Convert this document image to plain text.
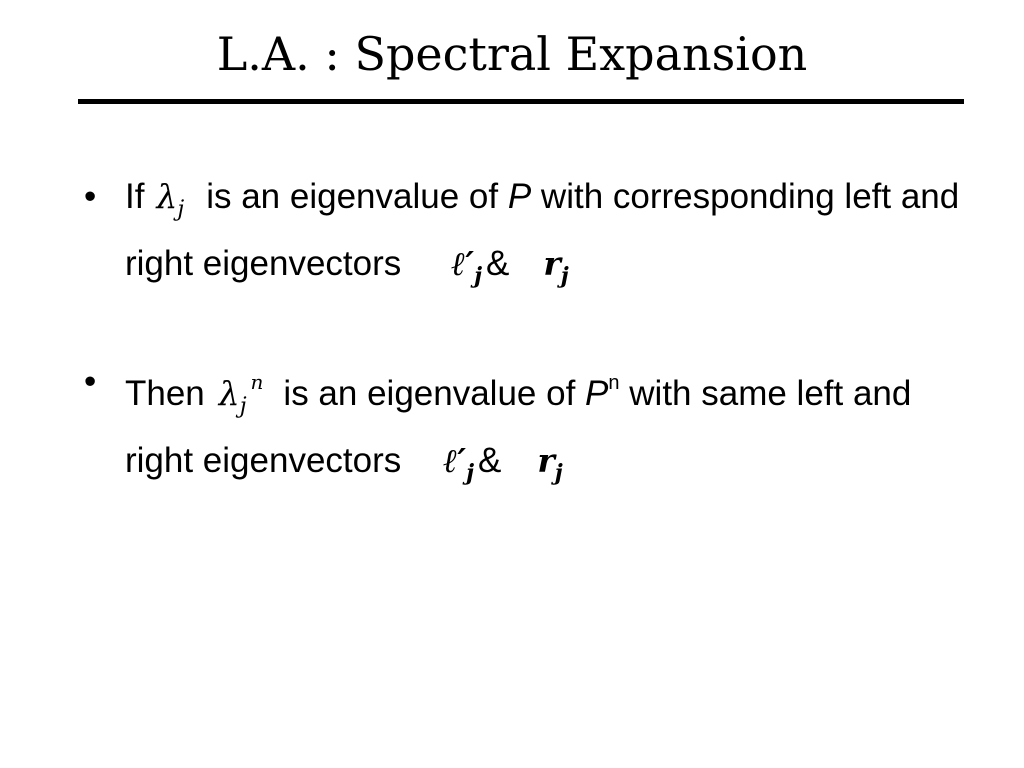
L.A. : Spectral Expansion
• If $\lambda_j$ is an eigenvalue of P with corresponding left and right eigenvectors $\ell'_j$ & $r_j$
• Then $\lambda_j^n$ is an eigenvalue of $P^n$ with same left and right eigenvectors $\ell'_j$ & $r_j$
